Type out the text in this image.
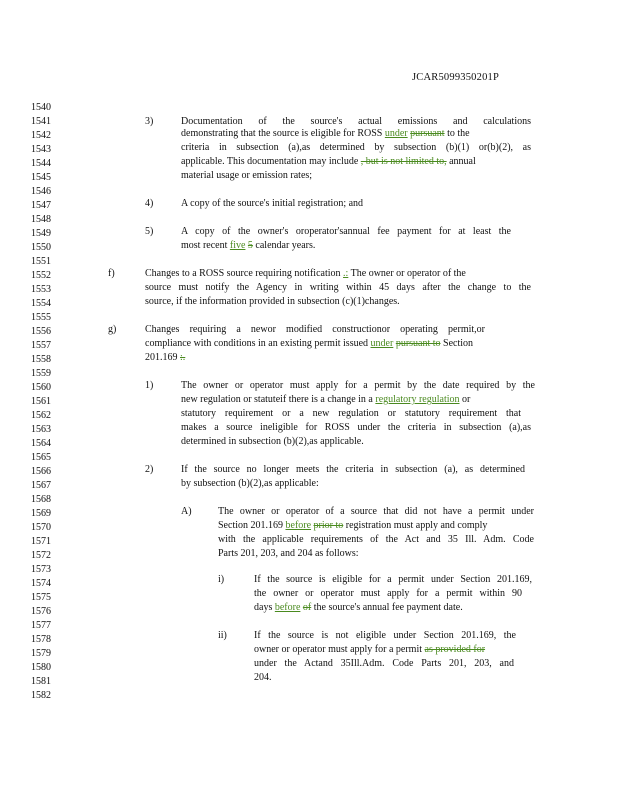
JCAR5099350201P
1540
1541
1542
1543
1544
1545
1546
1547
1548
1549
1550
1551
1552
1553
1554
1555
1556
1557
1558
1559
1560
1561
1562
1563
1564
1565
1566
1567
1568
1569
1570
1571
1572
1573
1574
1575
1576
1577
1578
1579
1580
1581
1582
3)	Documentation of the source's actual emissions and calculations
demonstrating that the source is eligible for ROSS under pursuant to the
criteria in subsection (a),as determined by subsection (b)(1) or(b)(2), as
applicable. This documentation may include , but is not limited to, annual
material usage or emission rates;
4)	A copy of the source's initial registration; and
5)	A copy of the owner's oroperator'sannual fee payment for at least the
most recent five 5 calendar years.
f)	Changes to a ROSS source requiring notification .: The owner or operator of the
source must notify the Agency in writing within 45 days after the change to the
source, if the information provided in subsection (c)(1)changes.
g)	Changes requiring a newor modified constructionor operating permit,or
compliance with conditions in an existing permit issued under pursuant to Section
201.169 :.
1)	The owner or operator must apply for a permit by the date required by the
new regulation or statuteif there is a change in a regulatory regulation or
statutory requirement or a new regulation or statutory requirement that
makes a source ineligible for ROSS under the criteria in subsection (a),as
determined in subsection (b)(2),as applicable.
2)	If the source no longer meets the criteria in subsection (a), as determined
by subsection (b)(2),as applicable:
A)	The owner or operator of a source that did not have a permit under
Section 201.169 before prior to registration must apply and comply
with the applicable requirements of the Act and 35 Ill. Adm. Code
Parts 201, 203, and 204 as follows:
i)	If the source is eligible for a permit under Section 201.169,
the owner or operator must apply for a permit within 90
days before of the source's annual fee payment date.
ii)	If the source is not eligible under Section 201.169, the
owner or operator must apply for a permit as provided for
under the Actand 35Ill.Adm. Code Parts 201, 203, and
204.
